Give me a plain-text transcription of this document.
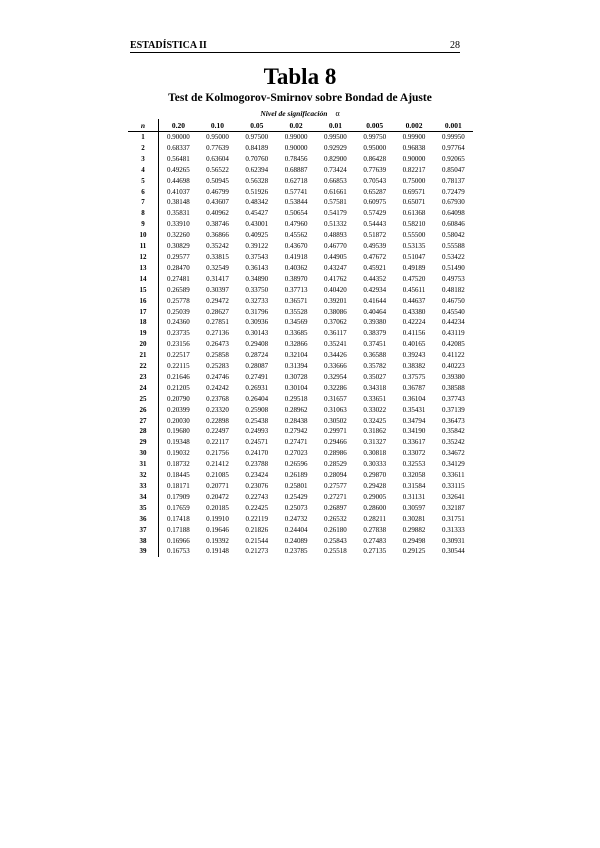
ESTADÍSTICA II	28
Tabla 8
Test de Kolmogorov-Smirnov sobre Bondad de Ajuste
Nivel de significación α
n	0.20	0.10	0.05	0.02	0.01	0.005	0.002	0.001
1	0.90000	0.95000	0.97500	0.99000	0.99500	0.99750	0.99900	0.99950
2	0.68337	0.77639	0.84189	0.90000	0.92929	0.95000	0.96838	0.97764
3	0.56481	0.63604	0.70760	0.78456	0.82900	0.86428	0.90000	0.92065
4	0.49265	0.56522	0.62394	0.68887	0.73424	0.77639	0.82217	0.85047
5	0.44698	0.50945	0.56328	0.62718	0.66853	0.70543	0.75000	0.78137
6	0.41037	0.46799	0.51926	0.57741	0.61661	0.65287	0.69571	0.72479
7	0.38148	0.43607	0.48342	0.53844	0.57581	0.60975	0.65071	0.67930
8	0.35831	0.40962	0.45427	0.50654	0.54179	0.57429	0.61368	0.64098
9	0.33910	0.38746	0.43001	0.47960	0.51332	0.54443	0.58210	0.60846
10	0.32260	0.36866	0.40925	0.45562	0.48893	0.51872	0.55500	0.58042
11	0.30829	0.35242	0.39122	0.43670	0.46770	0.49539	0.53135	0.55588
12	0.29577	0.33815	0.37543	0.41918	0.44905	0.47672	0.51047	0.53422
13	0.28470	0.32549	0.36143	0.40362	0.43247	0.45921	0.49189	0.51490
14	0.27481	0.31417	0.34890	0.38970	0.41762	0.44352	0.47520	0.49753
15	0.26589	0.30397	0.33750	0.37713	0.40420	0.42934	0.45611	0.48182
16	0.25778	0.29472	0.32733	0.36571	0.39201	0.41644	0.44637	0.46750
17	0.25039	0.28627	0.31796	0.35528	0.38086	0.40464	0.43380	0.45540
18	0.24360	0.27851	0.30936	0.34569	0.37062	0.39380	0.42224	0.44234
19	0.23735	0.27136	0.30143	0.33685	0.36117	0.38379	0.41156	0.43119
20	0.23156	0.26473	0.29408	0.32866	0.35241	0.37451	0.40165	0.42085
21	0.22517	0.25858	0.28724	0.32104	0.34426	0.36588	0.39243	0.41122
22	0.22115	0.25283	0.28087	0.31394	0.33666	0.35782	0.38382	0.40223
23	0.21646	0.24746	0.27491	0.30728	0.32954	0.35027	0.37575	0.39380
24	0.21205	0.24242	0.26931	0.30104	0.32286	0.34318	0.36787	0.38588
25	0.20790	0.23768	0.26404	0.29518	0.31657	0.33651	0.36104	0.37743
26	0.20399	0.23320	0.25908	0.28962	0.31063	0.33022	0.35431	0.37139
27	0.20030	0.22898	0.25438	0.28438	0.30502	0.32425	0.34794	0.36473
28	0.19680	0.22497	0.24993	0.27942	0.29971	0.31862	0.34190	0.35842
29	0.19348	0.22117	0.24571	0.27471	0.29466	0.31327	0.33617	0.35242
30	0.19032	0.21756	0.24170	0.27023	0.28986	0.30818	0.33072	0.34672
31	0.18732	0.21412	0.23788	0.26596	0.28529	0.30333	0.32553	0.34129
32	0.18445	0.21085	0.23424	0.26189	0.28094	0.29870	0.32058	0.33611
33	0.18171	0.20771	0.23076	0.25801	0.27577	0.29428	0.31584	0.33115
34	0.17909	0.20472	0.22743	0.25429	0.27271	0.29005	0.31131	0.32641
35	0.17659	0.20185	0.22425	0.25073	0.26897	0.28600	0.30597	0.32187
36	0.17418	0.19910	0.22119	0.24732	0.26532	0.28211	0.30281	0.31751
37	0.17188	0.19646	0.21826	0.24404	0.26180	0.27838	0.29882	0.31333
38	0.16966	0.19392	0.21544	0.24089	0.25843	0.27483	0.29498	0.30931
39	0.16753	0.19148	0.21273	0.23785	0.25518	0.27135	0.29125	0.30544
